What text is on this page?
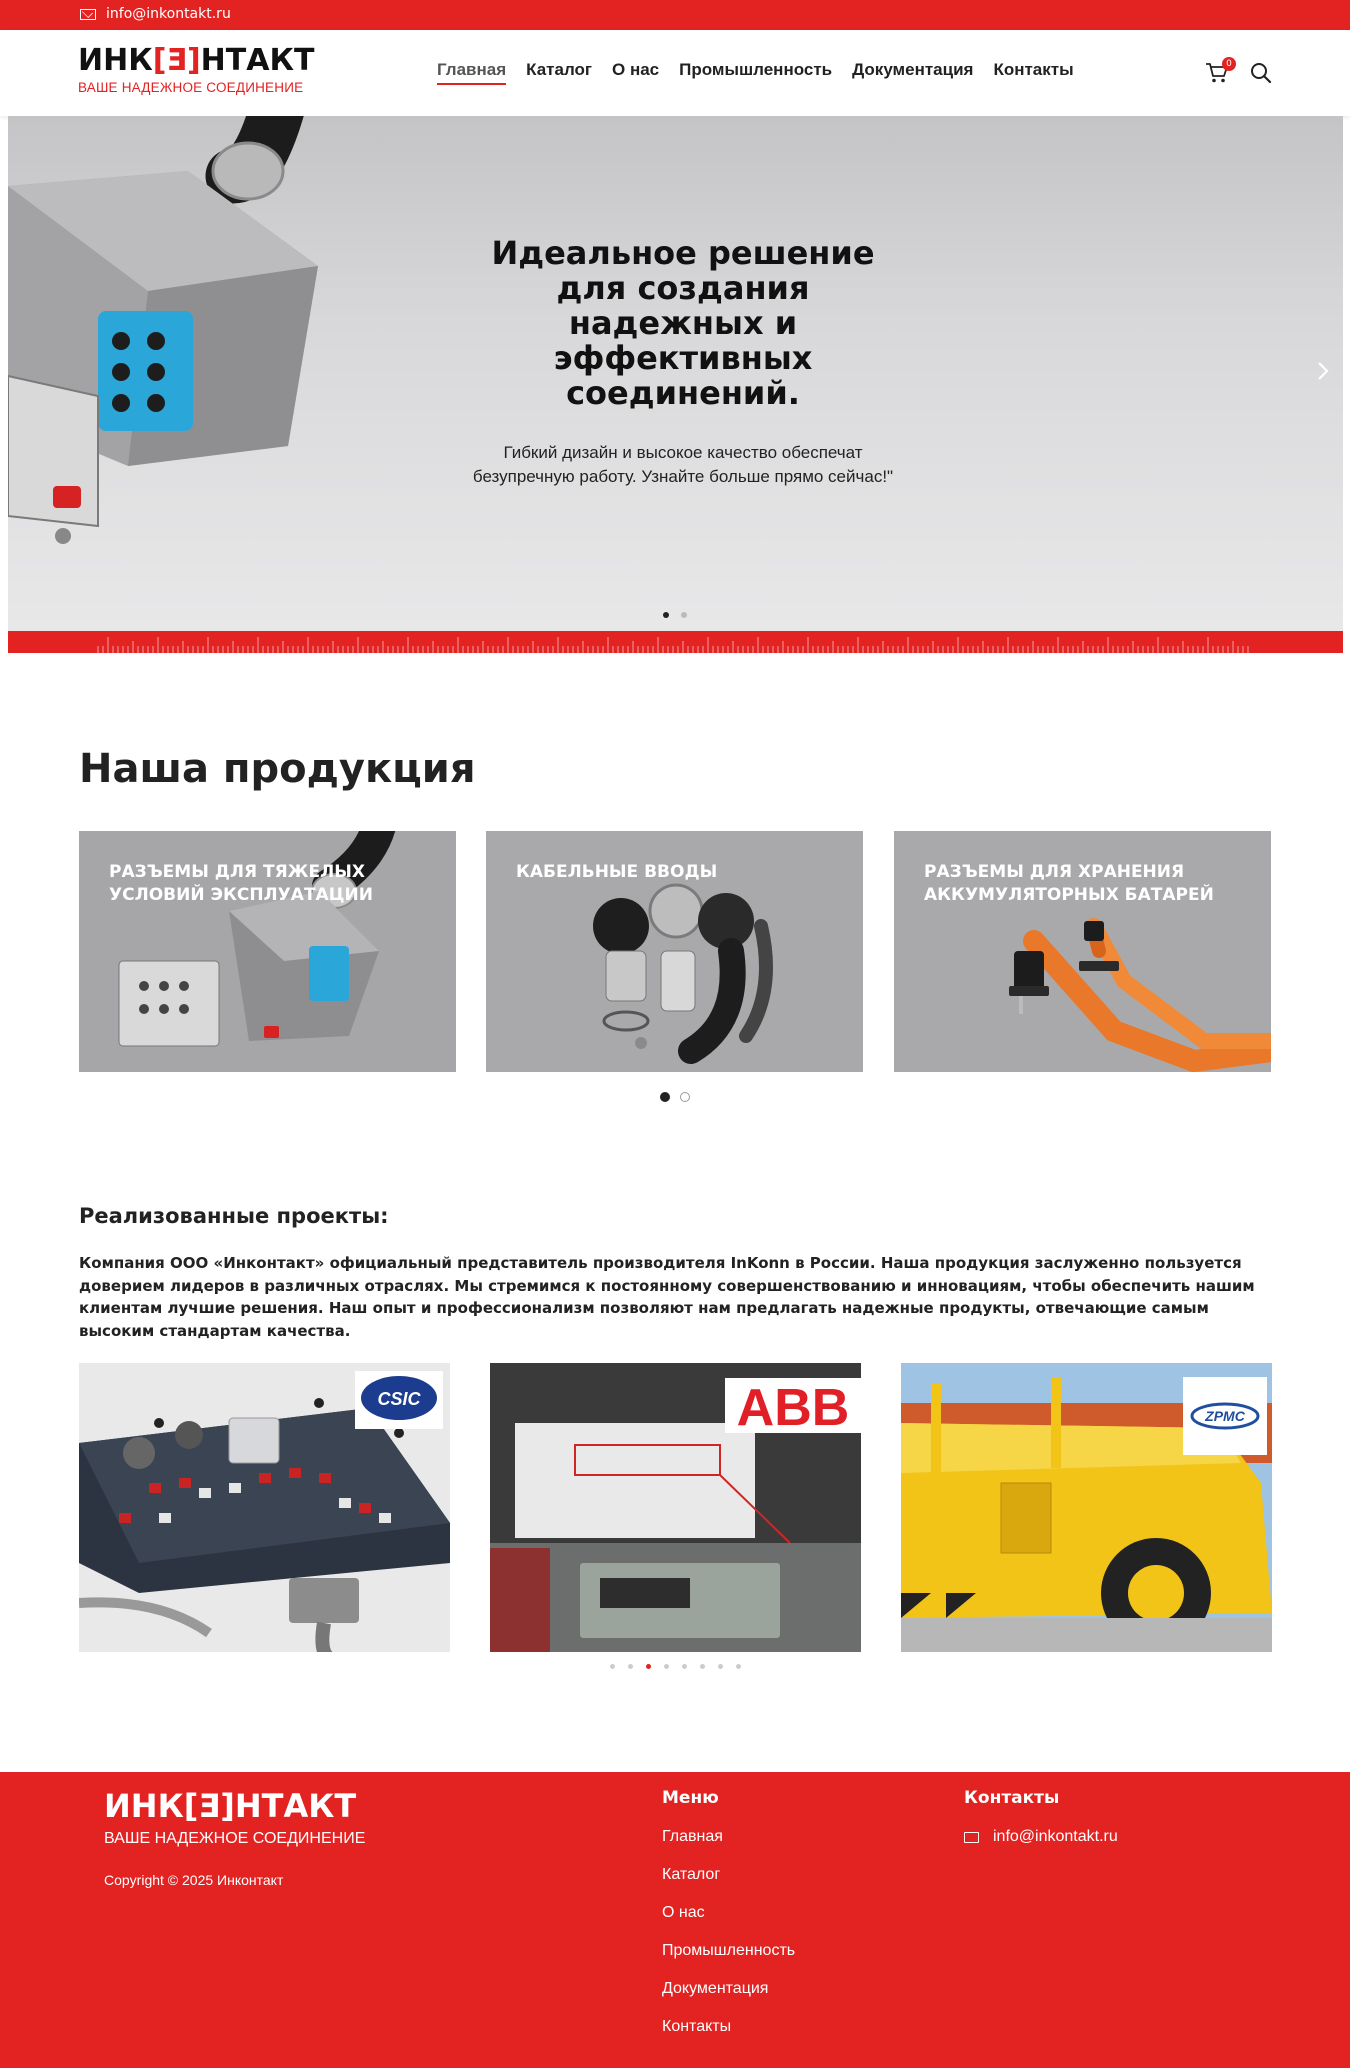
info@inkontakt.ru
ИНК [Ǝ] НТАКТ
ВАШЕ НАДЕЖНОЕ СОЕДИНЕНИЕ
Главная Каталог О нас Промышленность Документация Контакты	0
Идеальное решение для создания надежных и эффективных соединений.
Гибкий дизайн и высокое качество обеспечат безупречную работу. Узнайте больше прямо сейчас!"
Наша продукция
РАЗЪЕМЫ ДЛЯ ТЯЖЕЛЫХ УСЛОВИЙ ЭКСПЛУАТАЦИИ
КАБЕЛЬНЫЕ ВВОДЫ	РАЗЪЕМЫ ДЛЯ ХРАНЕНИЯ АККУМУЛЯТОРНЫХ БАТАРЕЙ
Реализованные проекты:
Компания ООО «Инконтакт» официальный представитель производителя InKonn в России. Наша продукция заслуженно пользуется доверием лидеров в различных отраслях. Мы стремимся к постоянному совершенствованию и инновациям, чтобы обеспечить нашим клиентам лучшие решения. Наш опыт и профессионализм позволяют нам предлагать надежные продукты, отвечающие самым высоким стандартам качества.
CSIC	ABB	ZPMC
ИНК[Ǝ]НТАКТ
ВАШЕ НАДЕЖНОЕ СОЕДИНЕНИЕ
Copyright © 2025 Инконтакт
Меню
Главная
Каталог
О нас
Промышленность
Документация
Контакты
Контакты
info@inkontakt.ru
